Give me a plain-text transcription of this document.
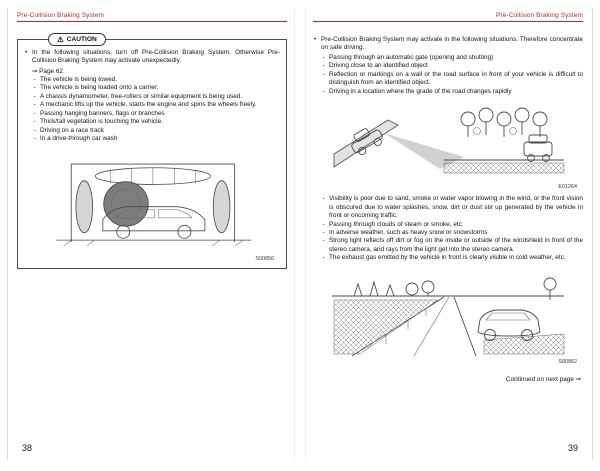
Pre-Collision Braking System
⚠ CAUTION
• In the following situations, turn off Pre-Collision Braking System. Otherwise Pre-Collision Braking System may activate unexpectedly.
⇒ Page 62
- The vehicle is being towed.
- The vehicle is being loaded onto a carrier.
- A chassis dynamometer, free-rollers or similar equipment is being used.
- A mechanic lifts up the vehicle, starts the engine and spins the wheels freely.
- Passing hanging banners, flags or branches
- Thick/tall vegetation is touching the vehicle.
- Driving on a race track
- In a drive-through car wash
S00856
38
Pre-Collision Braking System
• Pre-Collision Braking System may activate in the following situations. Therefore concentrate on safe driving.
- Passing through an automatic gate (opening and shutting)
- Driving close to an identified object
- Reflection or markings on a wall or the road surface in front of your vehicle is difficult to distinguish from an identified object.
- Driving in a location where the grade of the road changes rapidly
E01264
- Visibility is poor due to sand, smoke or water vapor blowing in the wind, or the front vision is obscured due to water splashes, snow, dirt or dust stir up generated by the vehicle in front or oncoming traffic.
- Passing through clouds of steam or smoke, etc.
- In adverse weather, such as heavy snow or snowstorms
- Strong light reflects off dirt or fog on the inside or outside of the windshield in front of the stereo camera, and rays from the light get into the stereo camera.
- The exhaust gas emitted by the vehicle in front is clearly visible in cold weather, etc.
S80862
Continued on next page ⇒
39
